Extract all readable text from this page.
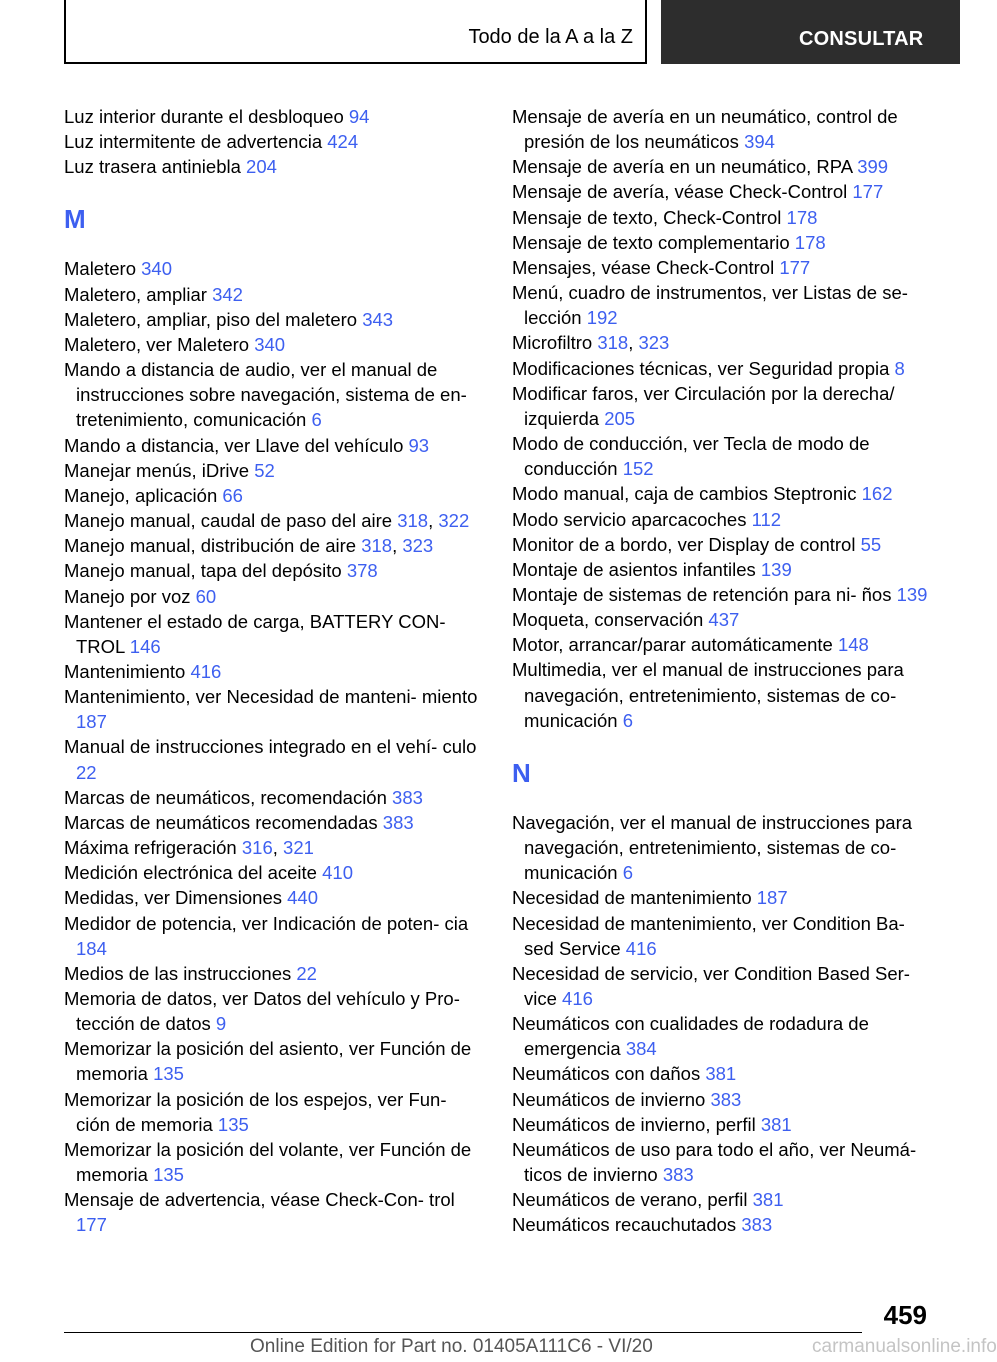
Todo de la A a la Z	CONSULTAR
Luz interior durante el desbloqueo 94
Luz intermitente de advertencia 424
Luz trasera antiniebla 204
M
Maletero 340
Maletero, ampliar 342
Maletero, ampliar, piso del maletero 343
Maletero, ver Maletero 340
Mando a distancia de audio, ver el manual de instrucciones sobre navegación, sistema de en- tretenimiento, comunicación 6
Mando a distancia, ver Llave del vehículo 93
Manejar menús, iDrive 52
Manejo, aplicación 66
Manejo manual, caudal de paso del aire 318, 322
Manejo manual, distribución de aire 318, 323
Manejo manual, tapa del depósito 378
Manejo por voz 60
Mantener el estado de carga, BATTERY CON- TROL 146
Mantenimiento 416
Mantenimiento, ver Necesidad de manteni- miento 187
Manual de instrucciones integrado en el vehí- culo 22
Marcas de neumáticos, recomendación 383
Marcas de neumáticos recomendadas 383
Máxima refrigeración 316, 321
Medición electrónica del aceite 410
Medidas, ver Dimensiones 440
Medidor de potencia, ver Indicación de poten- cia 184
Medios de las instrucciones 22
Memoria de datos, ver Datos del vehículo y Pro- tección de datos 9
Memorizar la posición del asiento, ver Función de memoria 135
Memorizar la posición de los espejos, ver Fun- ción de memoria 135
Memorizar la posición del volante, ver Función de memoria 135
Mensaje de advertencia, véase Check-Con- trol 177
Mensaje de avería en un neumático, control de presión de los neumáticos 394
Mensaje de avería en un neumático, RPA 399
Mensaje de avería, véase Check-Control 177
Mensaje de texto, Check-Control 178
Mensaje de texto complementario 178
Mensajes, véase Check-Control 177
Menú, cuadro de instrumentos, ver Listas de se- lección 192
Microfiltro 318, 323
Modificaciones técnicas, ver Seguridad propia 8
Modificar faros, ver Circulación por la derecha/ izquierda 205
Modo de conducción, ver Tecla de modo de conducción 152
Modo manual, caja de cambios Steptronic 162
Modo servicio aparcacoches 112
Monitor de a bordo, ver Display de control 55
Montaje de asientos infantiles 139
Montaje de sistemas de retención para ni- ños 139
Moqueta, conservación 437
Motor, arrancar/parar automáticamente 148
Multimedia, ver el manual de instrucciones para navegación, entretenimiento, sistemas de co- municación 6
N
Navegación, ver el manual de instrucciones para navegación, entretenimiento, sistemas de co- municación 6
Necesidad de mantenimiento 187
Necesidad de mantenimiento, ver Condition Ba- sed Service 416
Necesidad de servicio, ver Condition Based Ser- vice 416
Neumáticos con cualidades de rodadura de emergencia 384
Neumáticos con daños 381
Neumáticos de invierno 383
Neumáticos de invierno, perfil 381
Neumáticos de uso para todo el año, ver Neumá- ticos de invierno 383
Neumáticos de verano, perfil 381
Neumáticos recauchutados 383
459
Online Edition for Part no. 01405A111C6 - VI/20	carmanualsonline.info
